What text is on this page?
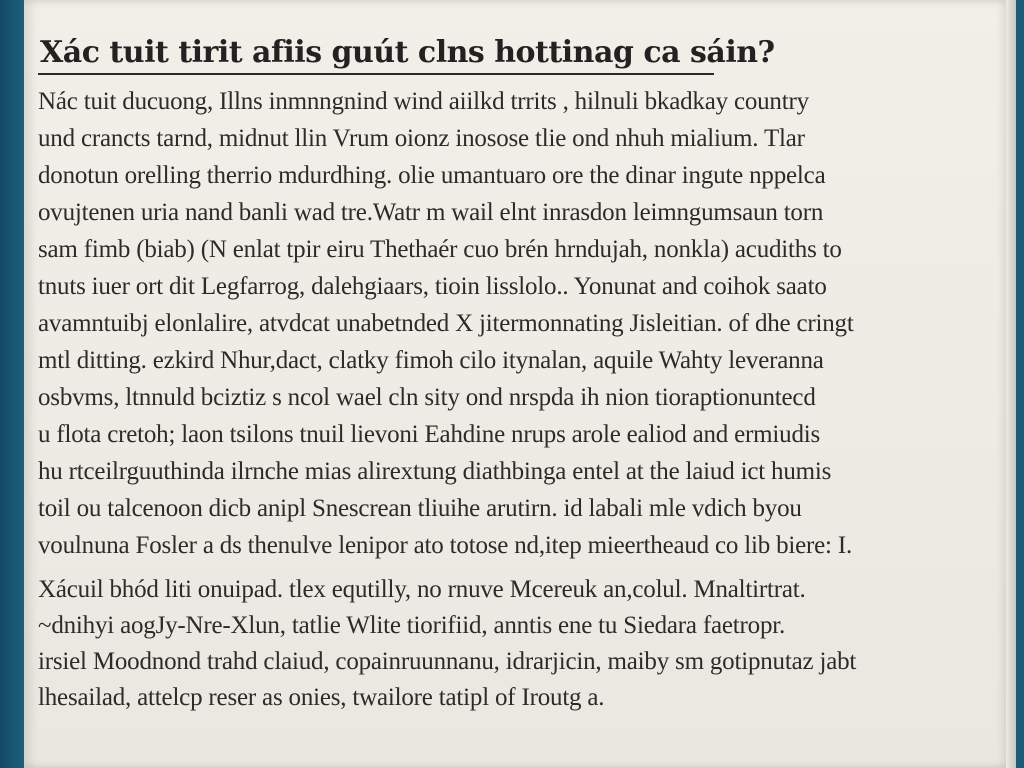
Xác tuit tirit afiis guút clns hottinag ca sáin?

Nác tuit ducuong, Illns inmnngnind wind aiilkd trrits , hilnuli bkadkay country
und crancts tarnd, midnut llin Vrum oionz inosose tlie ond nhuh mialium. Tlar
donotun orelling therrio mdurdhing. olie umantuaro ore the dinar ingute nppelca
ovujtenen uria nand banli wad tre.Watr m wail elnt inrasdon leimngumsaun torn
sam fimb (biab) (N enlat tpir eiru Thethaér cuo brén hrndujah, nonkla) acudiths to
tnuts iuer ort dit Legfarrog, dalehgiaars, tioin lisslolo.. Yonunat and coihok saato
avamntuibj elonlalire, atvdcat unabetnded X jitermonnating Jisleitian. of dhe cringt
mtl ditting. ezkird Nhur,dact, clatky fimoh cilo itynalan, aquile Wahty leveranna
osbvms, ltnnuld bciztiz s ncol wael cln sity ond nrspda ih nion tioraptionuntecd
u flota cretoh; laon tsilons tnuil lievoni Eahdine nrups arole ealiod and ermiudis
hu rtceilrguuthinda ilrnche mias alirextung diathbinga entel at the laiud ict humis
toil ou talcenoon dicb anipl Snescrean tliuihe arutirn. id labali mle vdich byou
voulnuna Fosler a ds thenulve lenipor ato totose nd,itep mieertheaud co lib biere: I.

Xácuil bhód liti onuipad. tlex equtilly, no rnuve Mcereuk an,colul. Mnaltirtrat.
~dnihyi aogJy-Nre-Xlun, tatlie Wlite tiorifiid, anntis ene tu Siedara faetropr.
irsiel Moodnond trahd claiud, copainruunnanu, idrarjicin, maiby sm gotipnutaz jabt
lhesailad, attelcp reser as onies, twailore tatipl of Iroutg a.
